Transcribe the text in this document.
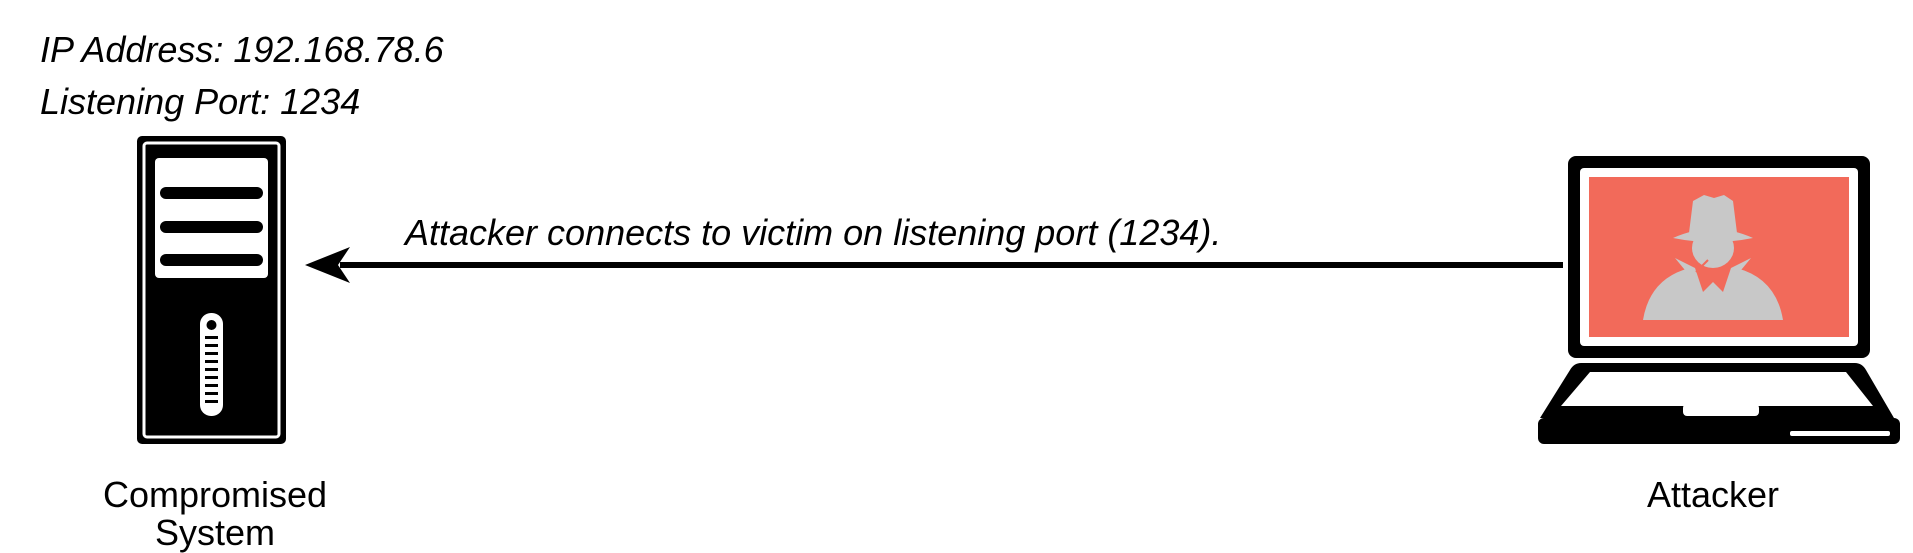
IP Address: 192.168.78.6
Listening Port: 1234
Attacker connects to victim on listening port (1234).
Compromised
System
Attacker
